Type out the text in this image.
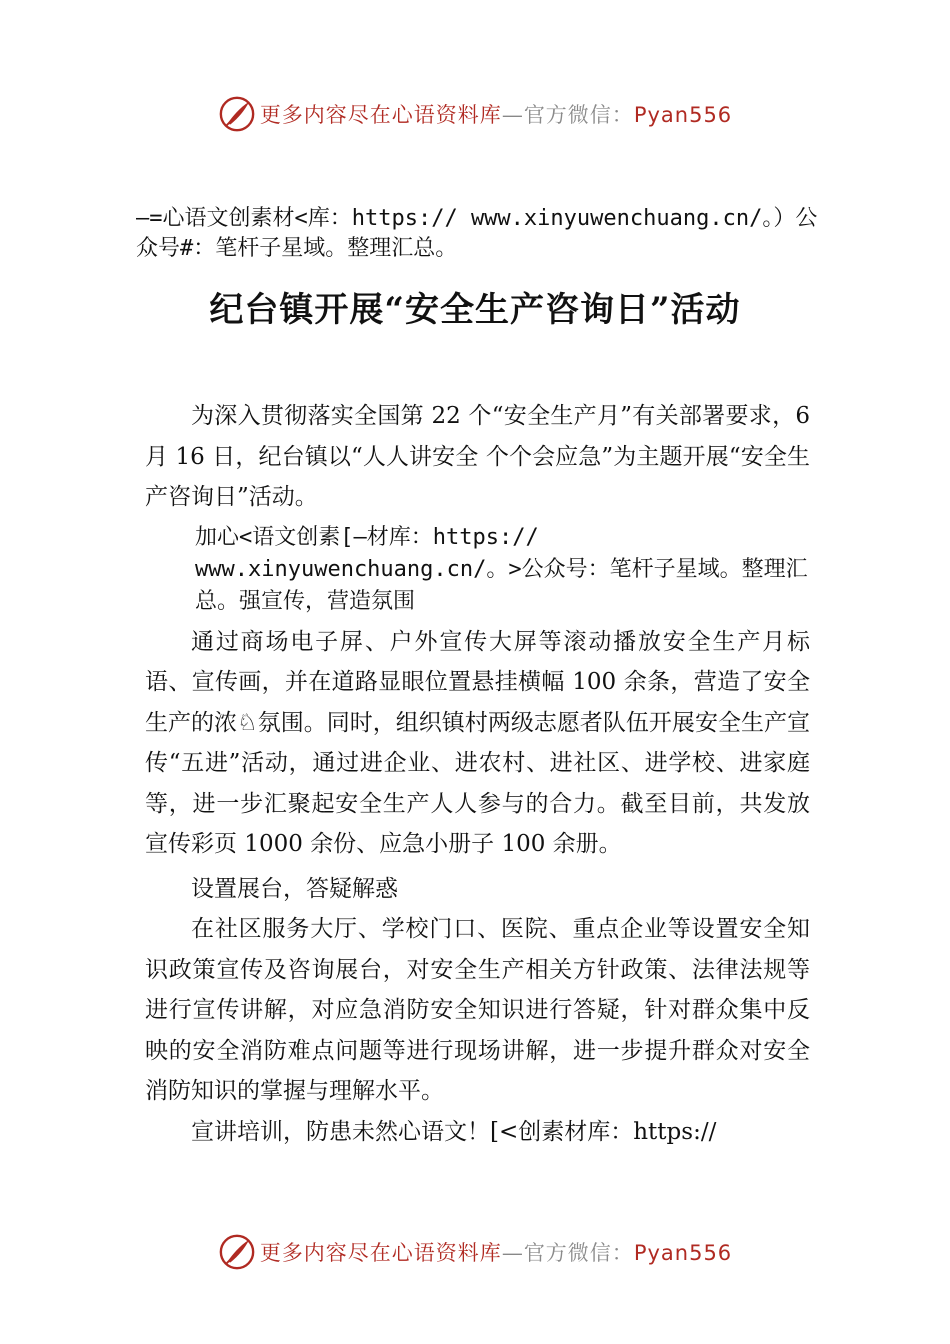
更多内容尽在心语资料库—官方微信：Pyan556
—=心语文创素材<库：https:// www.xinyuwenchuang.cn/。）公众号#：笔杆子星域。整理汇总。
纪台镇开展“安全生产咨询日”活动

为深入贯彻落实全国第 22 个“安全生产月”有关部署要求，6 月 16 日，纪台镇以“人人讲安全 个个会应急”为主题开展“安全生产咨询日”活动。

加心<语文创素[—材库：https:// www.xinyuwenchuang.cn/。>公众号：笔杆子星域。整理汇总。强宣传，营造氛围

通过商场电子屏、户外宣传大屏等滚动播放安全生产月标语、宣传画，并在道路显眼位置悬挂横幅 100 余条，营造了安全生产的浓♘氛围。同时，组织镇村两级志愿者队伍开展安全生产宣传“五进”活动，通过进企业、进农村、进社区、进学校、进家庭等，进一步汇聚起安全生产人人参与的合力。截至目前，共发放宣传彩页 1000 余份、应急小册子 100 余册。

设置展台，答疑解惑

在社区服务大厅、学校门口、医院、重点企业等设置安全知识政策宣传及咨询展台，对安全生产相关方针政策、法律法规等进行宣传讲解，对应急消防安全知识进行答疑，针对群众集中反映的安全消防难点问题等进行现场讲解，进一步提升群众对安全消防知识的掌握与理解水平。

宣讲培训，防患未然心语文！[<创素材库：https://

更多内容尽在心语资料库—官方微信：Pyan556
